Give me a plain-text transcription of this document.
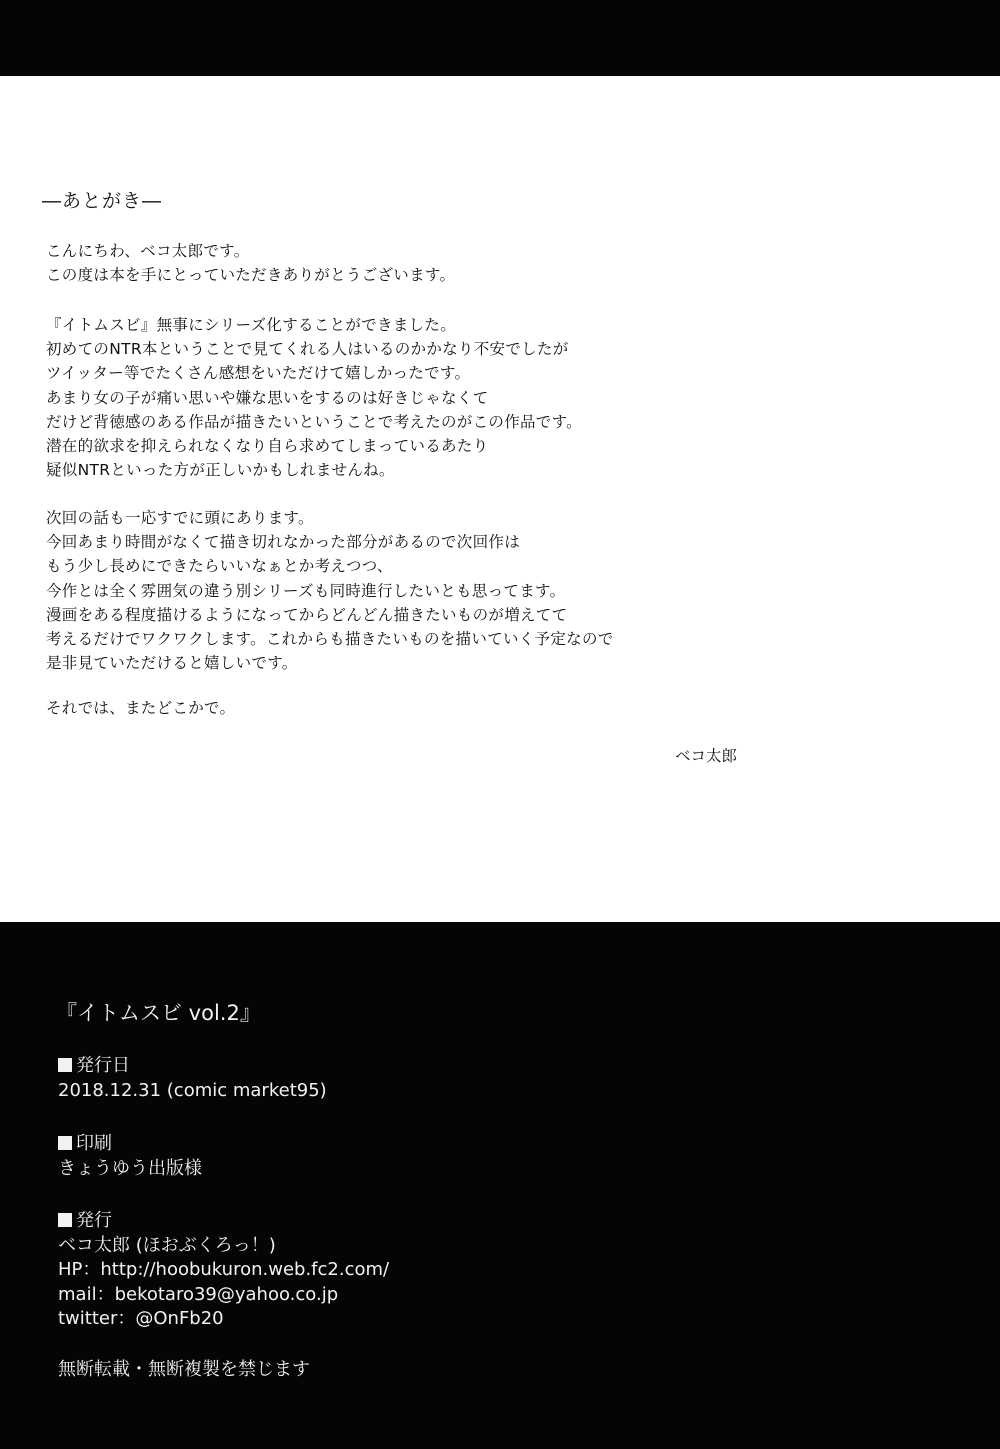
―あとがき―

こんにちわ、ベコ太郎です。
この度は本を手にとっていただきありがとうございます。

『イトムスビ』無事にシリーズ化することができました。
初めてのNTR本ということで見てくれる人はいるのかかなり不安でしたが
ツイッター等でたくさん感想をいただけて嬉しかったです。
あまり女の子が痛い思いや嫌な思いをするのは好きじゃなくて
だけど背徳感のある作品が描きたいということで考えたのがこの作品です。
潜在的欲求を抑えられなくなり自ら求めてしまっているあたり
疑似NTRといった方が正しいかもしれませんね。

次回の話も一応すでに頭にあります。
今回あまり時間がなくて描き切れなかった部分があるので次回作は
もう少し長めにできたらいいなぁとか考えつつ、
今作とは全く雰囲気の違う別シリーズも同時進行したいとも思ってます。
漫画をある程度描けるようになってからどんどん描きたいものが増えてて
考えるだけでワクワクします。これからも描きたいものを描いていく予定なので
是非見ていただけると嬉しいです。

それでは、またどこかで。

ベコ太郎
『イトムスビ vol.2』
発行日
2018.12.31 (comic market95)
印刷
きょうゆう出版様
発行
ベコ太郎 (ほおぶくろっ！)
HP：http://hoobukuron.web.fc2.com/
mail：bekotaro39@yahoo.co.jp
twitter：@OnFb20
無断転載・無断複製を禁じます
